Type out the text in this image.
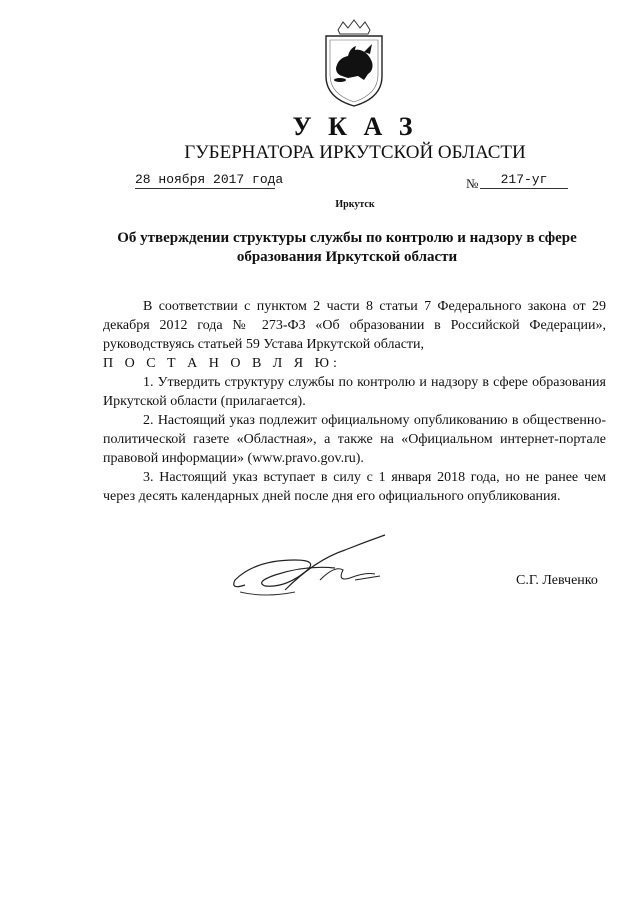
У К А З
ГУБЕРНАТОРА ИРКУТСКОЙ ОБЛАСТИ
28 ноября 2017 года	№	217-уг
Иркутск
Об утверждении структуры службы по контролю и надзору в сфере образования Иркутской области

В соответствии с пунктом 2 части 8 статьи 7 Федерального закона от 29 декабря 2012 года № 273-ФЗ «Об образовании в Российской Федерации», руководствуясь статьей 59 Устава Иркутской области,

П О С Т А Н О В Л Я Ю:

1. Утвердить структуру службы по контролю и надзору в сфере образования Иркутской области (прилагается).

2. Настоящий указ подлежит официальному опубликованию в общественно-политической газете «Областная», а также на «Официальном интернет-портале правовой информации» (www.pravo.gov.ru).

3. Настоящий указ вступает в силу с 1 января 2018 года, но не ранее чем через десять календарных дней после дня его официального опубликования.

С.Г. Левченко
